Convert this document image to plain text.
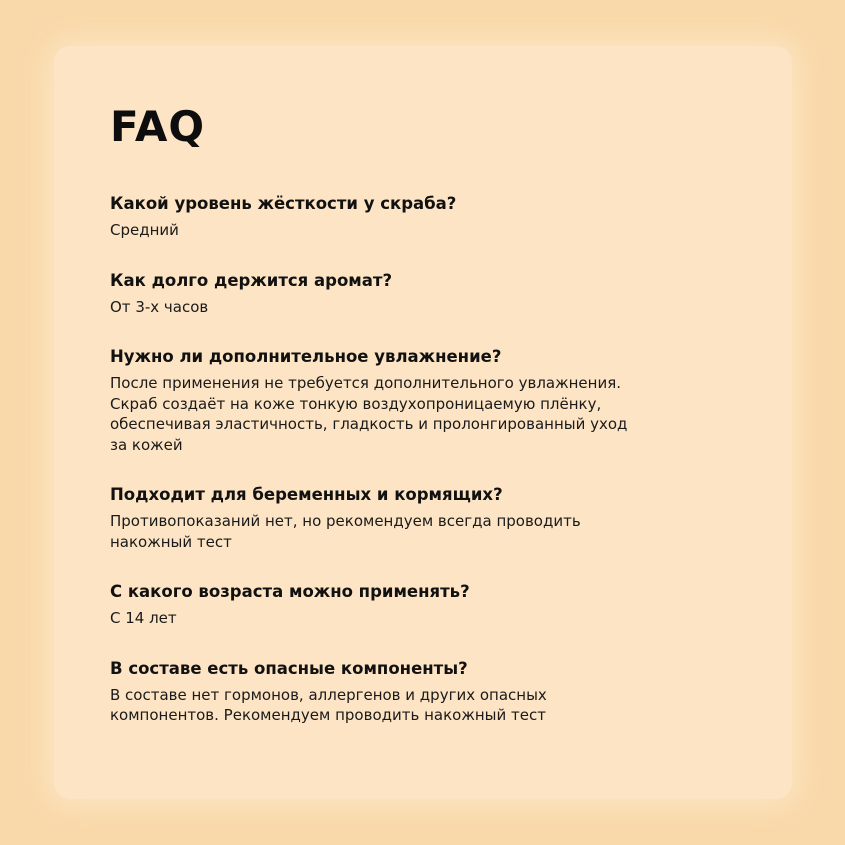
FAQ

Какой уровень жёсткости у скраба?

Средний

Как долго держится аромат?

От 3-х часов

Нужно ли дополнительное увлажнение?

После применения не требуется дополнительного увлажнения.
Скраб создаёт на коже тонкую воздухопроницаемую плёнку,
обеспечивая эластичность, гладкость и пролонгированный уход
за кожей

Подходит для беременных и кормящих?

Противопоказаний нет, но рекомендуем всегда проводить
накожный тест

С какого возраста можно применять?

С 14 лет

В составе есть опасные компоненты?

В составе нет гормонов, аллергенов и других опасных
компонентов. Рекомендуем проводить накожный тест
